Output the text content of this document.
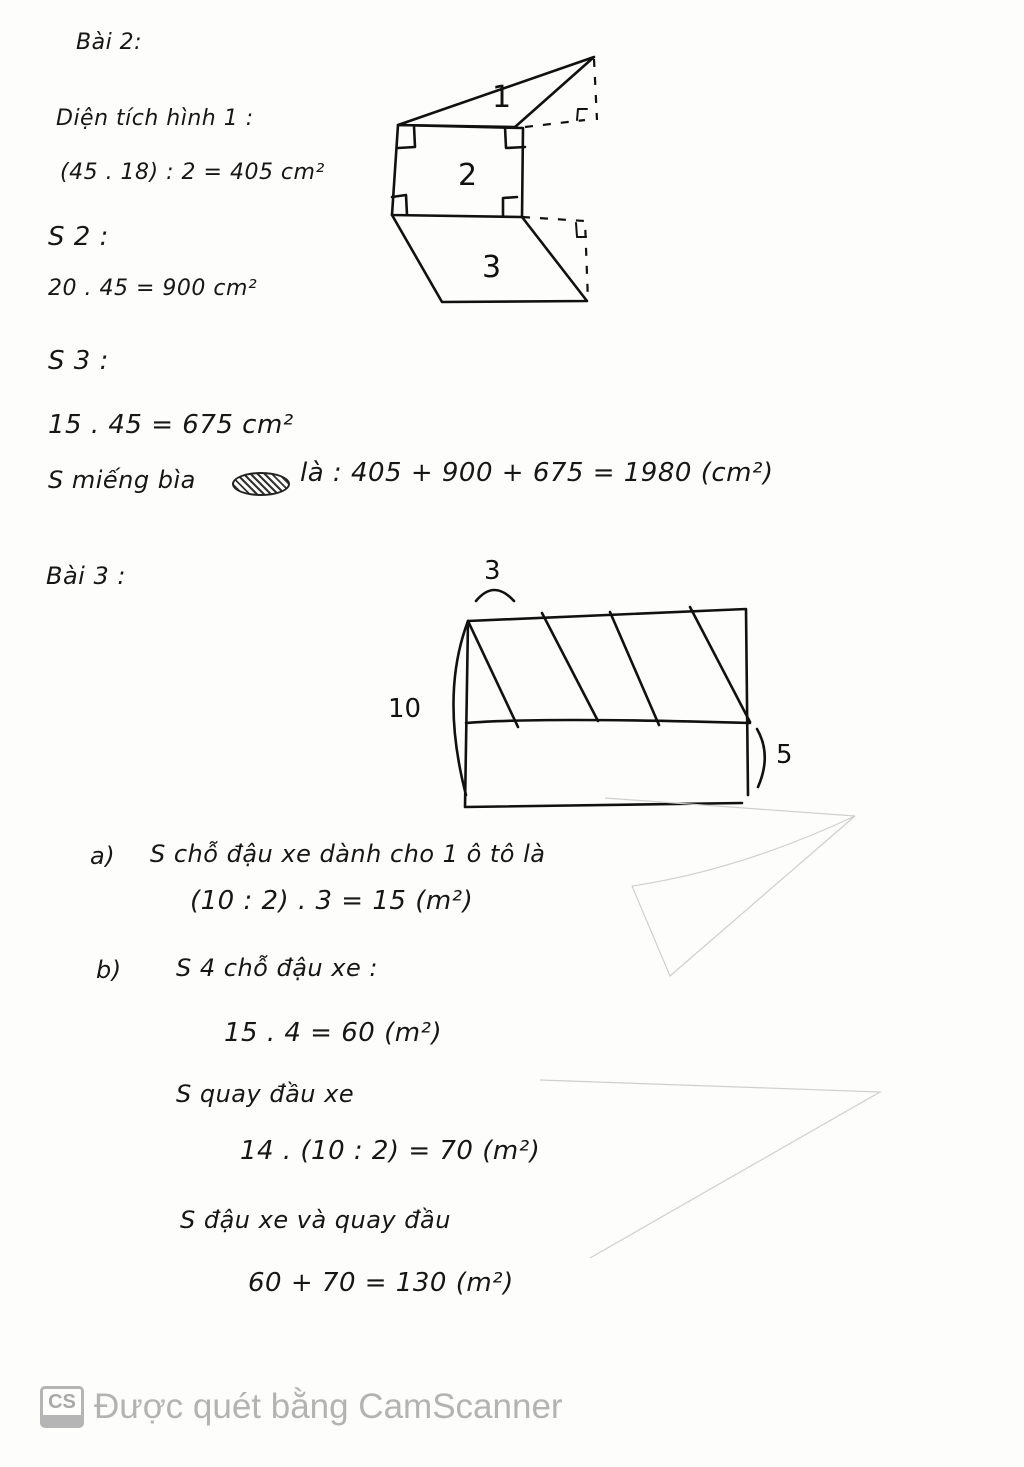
Bài 2:
Diện tích hình 1 :
(45 . 18) : 2 = 405 cm²
S 2 :
20 . 45 = 900 cm²
S 3 :
15 . 45 = 675 cm²
S miếng bìa	là : 405 + 900 + 675 = 1980 (cm²)
1
2
3
Bài 3 :	3
10
5
a) S chỗ đậu xe dành cho 1 ô tô là
(10 : 2) . 3 = 15 (m²)
b) S 4 chỗ đậu xe :
15 . 4 = 60 (m²)
S quay đầu xe
14 . (10 : 2) = 70 (m²)
S đậu xe và quay đầu
60 + 70 = 130 (m²)
CS Được quét bằng CamScanner
